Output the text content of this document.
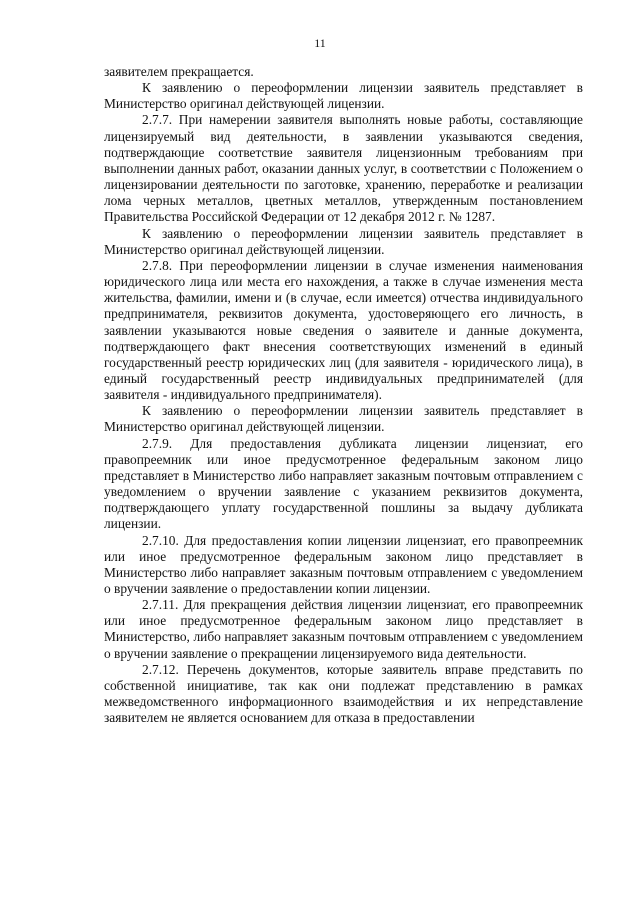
11

заявителем прекращается.

К заявлению о переоформлении лицензии заявитель представляет в Министерство оригинал действующей лицензии.

2.7.7. При намерении заявителя выполнять новые работы, составляющие лицензируемый вид деятельности, в заявлении указываются сведения, подтверждающие соответствие заявителя лицензионным требованиям при выполнении данных работ, оказании данных услуг, в соответствии с Положением о лицензировании деятельности по заготовке, хранению, переработке и реализации лома черных металлов, цветных металлов, утвержденным постановлением Правительства Российской Федерации от 12 декабря 2012 г. № 1287.

К заявлению о переоформлении лицензии заявитель представляет в Министерство оригинал действующей лицензии.

2.7.8. При переоформлении лицензии в случае изменения наименования юридического лица или места его нахождения, а также в случае изменения места жительства, фамилии, имени и (в случае, если имеется) отчества индивидуального предпринимателя, реквизитов документа, удостоверяющего его личность, в заявлении указываются новые сведения о заявителе и данные документа, подтверждающего факт внесения соответствующих изменений в единый государственный реестр юридических лиц (для заявителя - юридического лица), в единый государственный реестр индивидуальных предпринимателей (для заявителя - индивидуального предпринимателя).

К заявлению о переоформлении лицензии заявитель представляет в Министерство оригинал действующей лицензии.

2.7.9. Для предоставления дубликата лицензии лицензиат, его правопреемник или иное предусмотренное федеральным законом лицо представляет в Министерство либо направляет заказным почтовым отправлением с уведомлением о вручении заявление с указанием реквизитов документа, подтверждающего уплату государственной пошлины за выдачу дубликата лицензии.

2.7.10. Для предоставления копии лицензии лицензиат, его правопреемник или иное предусмотренное федеральным законом лицо представляет в Министерство либо направляет заказным почтовым отправлением с уведомлением о вручении заявление о предоставлении копии лицензии.

2.7.11. Для прекращения действия лицензии лицензиат, его правопреемник или иное предусмотренное федеральным законом лицо представляет в Министерство, либо направляет заказным почтовым отправлением с уведомлением о вручении заявление о прекращении лицензируемого вида деятельности.

2.7.12. Перечень документов, которые заявитель вправе представить по собственной инициативе, так как они подлежат представлению в рамках межведомственного информационного взаимодействия и их непредставление заявителем не является основанием для отказа в предоставлении
